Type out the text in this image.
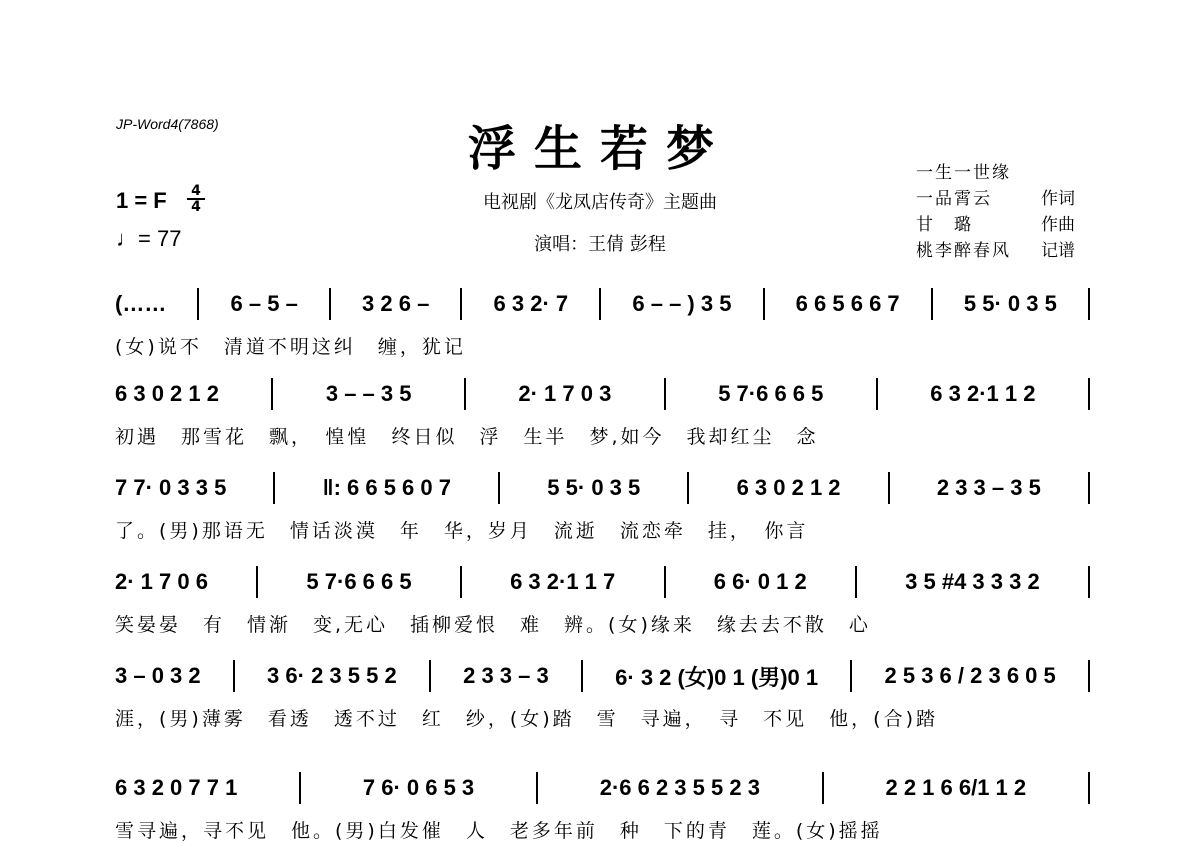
JP-Word4(7868)	浮生若梦
电视剧《龙凤店传奇》主题曲
演唱：王倩 彭程
1 = F 4
4
♩= 77
一生一世缘
一品霄云	作词
甘　璐	作曲
桃李醉春风	记谱
(……	6 – 5 –	3 2 6 –	6 3 2· 7	6 – – ) 3 5	6 6 5 6 6 7	5 5· 0 3 5
(女)说不　清道不明这纠　缠，犹记
6 3 0 2 1 2	3 – – 3 5	2· 1 7 0 3	5 7·6 6 6 5	6 3 2·1 1 2
初遇　那雪花　飘，　惶惶　终日似　浮　生半　梦,如今　我却红尘　念
7 7· 0 3 3 5	‖: 6 6 5 6 0 7	5 5· 0 3 5	6 3 0 2 1 2	2 3 3 – 3 5
了。(男)那语无　情话淡漠　年　华，岁月　流逝　流恋牵　挂，　你言
2· 1 7 0 6	5 7·6 6 6 5	6 3 2·1 1 7	6 6· 0 1 2	3 5 #4 3 3 3 2
笑晏晏　有　情渐　变,无心　插柳爱恨　难　辨。(女)缘来　缘去去不散　心
3 – 0 3 2	3 6· 2 3 5 5 2	2 3 3 – 3	6· 3 2 (女)0 1 (男)0 1	2 5 3 6 / 2 3 6 0 5
涯，(男)薄雾　看透　透不过　红　纱，(女)踏　雪　寻遍，　寻　不见　他，(合)踏
6 3 2 0 7 7 1	7 6· 0 6 5 3	2·6 6 2 3 5 5 2 3	2 2 1 6 6/1 1 2
雪寻遍，寻不见　他。(男)白发催　人　老多年前　种　下的青　莲。(女)摇摇
